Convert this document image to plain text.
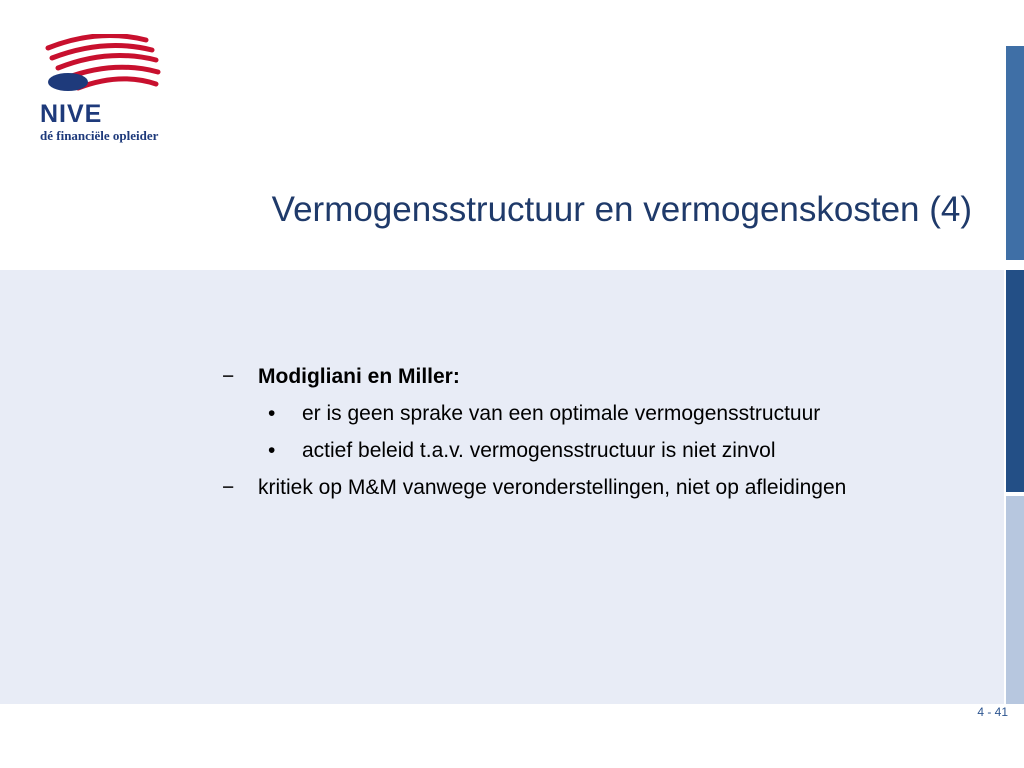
NIVE
dé financiële opleider
Vermogensstructuur en vermogenskosten (4)
−	Modigliani en Miller:
•	er is geen sprake van een optimale vermogensstructuur
•	actief beleid t.a.v. vermogensstructuur is niet zinvol
−	kritiek op M&M vanwege veronderstellingen, niet op afleidingen
4 - 41
